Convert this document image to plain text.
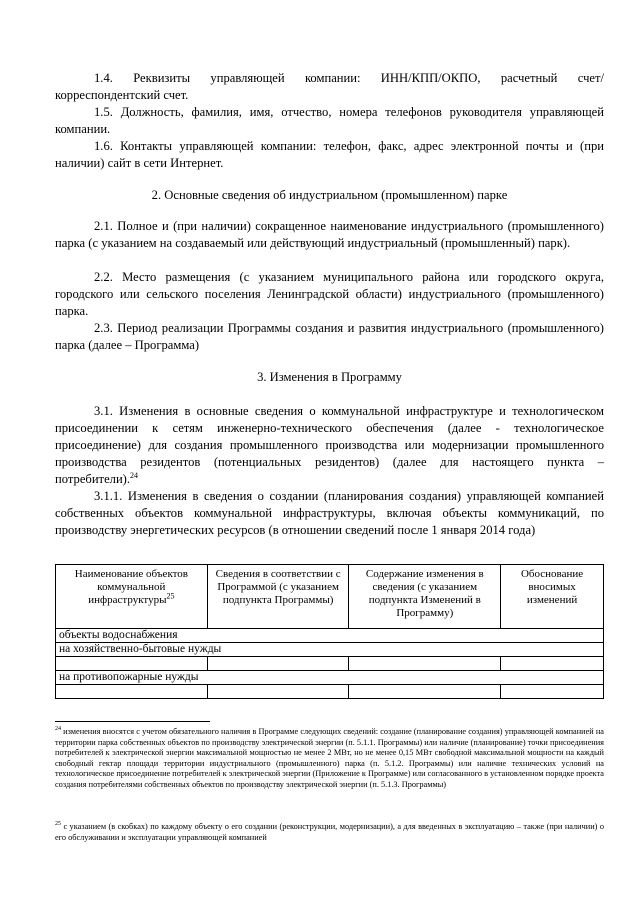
1.4. Реквизиты управляющей компании: ИНН/КПП/ОКПО, расчетный счет/корреспондентский счет.

1.5. Должность, фамилия, имя, отчество, номера телефонов руководителя управляющей компании.

1.6. Контакты управляющей компании: телефон, факс, адрес электронной почты и (при наличии) сайт в сети Интернет.

2. Основные сведения об индустриальном (промышленном) парке

2.1. Полное и (при наличии) сокращенное наименование индустриального (промышленного) парка (с указанием на создаваемый или действующий индустриальный (промышленный) парк).

2.2. Место размещения (с указанием муниципального района или городского округа, городского или сельского поселения Ленинградской области) индустриального (промышленного) парка.

2.3. Период реализации Программы создания и развития индустриального (промышленного) парка (далее – Программа)

3. Изменения в Программу

3.1. Изменения в основные сведения о коммунальной инфраструктуре и технологическом присоединении к сетям инженерно-технического обеспечения (далее - технологическое присоединение) для создания промышленного производства или модернизации промышленного производства резидентов (потенциальных резидентов) (далее для настоящего пункта – потребители).$^{24}$

3.1.1. Изменения в сведения о создании (планирования создания) управляющей компанией собственных объектов коммунальной инфраструктуры, включая объекты коммуникаций, по производству энергетических ресурсов (в отношении сведений после 1 января 2014 года)

Наименование объектов коммунальной инфраструктуры$^{25}$	Сведения в соответствии с Программой (с указанием подпункта Программы)	Содержание изменения в сведения (с указанием подпункта Изменений в Программу)	Обоснование вносимых изменений
объекты водоснабжения			
на хозяйственно-бытовые нужды			

на противопожарные нужды			

$^{24}$ изменения вносятся с учетом обязательного наличия в Программе следующих сведений: создание (планирование создания) управляющей компанией на территории парка собственных объектов по производству электрической энергии (п. 5.1.1. Программы) или наличие (планирование) точки присоединения потребителей к электрической энергии максимальной мощностью не менее 2 МВт, но не менее 0,15 МВт свободной максимальной мощности на каждый свободный гектар площади территории индустриального (промышленного) парка (п. 5.1.2. Программы) или наличие технических условий на технологическое присоединение потребителей к электрической энергии (Приложение к Программе) или согласованного в установленном порядке проекта создания потребителями собственных объектов по производству электрической энергии (п. 5.1.3. Программы)

$^{25}$ с указанием (в скобках) по каждому объекту о его создании (реконструкции, модернизации), а для введенных в эксплуатацию – также (при наличии) о его обслуживании и эксплуатации управляющей компанией
